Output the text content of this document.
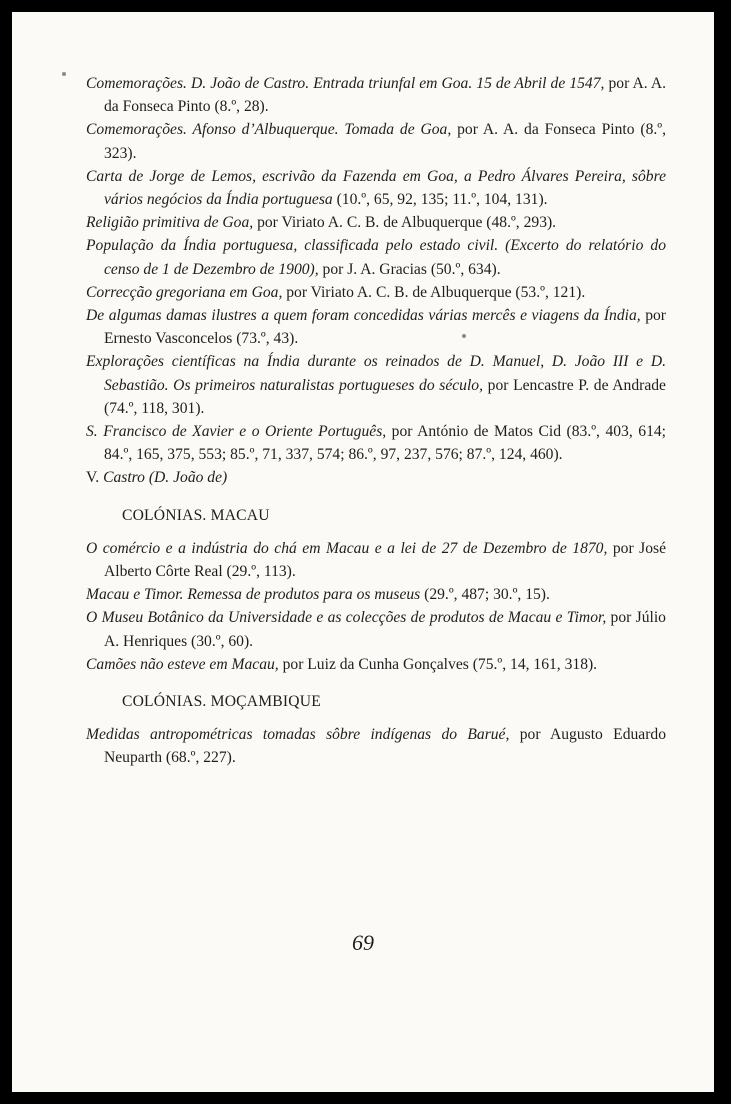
Comemorações. D. João de Castro. Entrada triunfal em Goa. 15 de Abril de 1547, por A. A. da Fonseca Pinto (8.º, 28).

Comemorações. Afonso d’Albuquerque. Tomada de Goa, por A. A. da Fonseca Pinto (8.º, 323).

Carta de Jorge de Lemos, escrivão da Fazenda em Goa, a Pedro Álvares Pereira, sôbre vários negócios da Índia portuguesa (10.º, 65, 92, 135; 11.º, 104, 131).

Religião primitiva de Goa, por Viriato A. C. B. de Albuquerque (48.º, 293).

População da Índia portuguesa, classificada pelo estado civil. (Excerto do relatório do censo de 1 de Dezembro de 1900), por J. A. Gracias (50.º, 634).

Correcção gregoriana em Goa, por Viriato A. C. B. de Albuquerque (53.º, 121).

De algumas damas ilustres a quem foram concedidas várias mercês e viagens da Índia, por Ernesto Vasconcelos (73.º, 43).

Explorações científicas na Índia durante os reinados de D. Manuel, D. João III e D. Sebastião. Os primeiros naturalistas portugueses do século, por Lencastre P. de Andrade (74.º, 118, 301).

S. Francisco de Xavier e o Oriente Português, por António de Matos Cid (83.º, 403, 614; 84.º, 165, 375, 553; 85.º, 71, 337, 574; 86.º, 97, 237, 576; 87.º, 124, 460).

V. Castro (D. João de)

COLÓNIAS. MACAU

O comércio e a indústria do chá em Macau e a lei de 27 de Dezembro de 1870, por José Alberto Côrte Real (29.º, 113).

Macau e Timor. Remessa de produtos para os museus (29.º, 487; 30.º, 15).

O Museu Botânico da Universidade e as colecções de produtos de Macau e Timor, por Júlio A. Henriques (30.º, 60).

Camões não esteve em Macau, por Luiz da Cunha Gonçalves (75.º, 14, 161, 318).

COLÓNIAS. MOÇAMBIQUE

Medidas antropométricas tomadas sôbre indígenas do Barué, por Augusto Eduardo Neuparth (68.º, 227).

69
